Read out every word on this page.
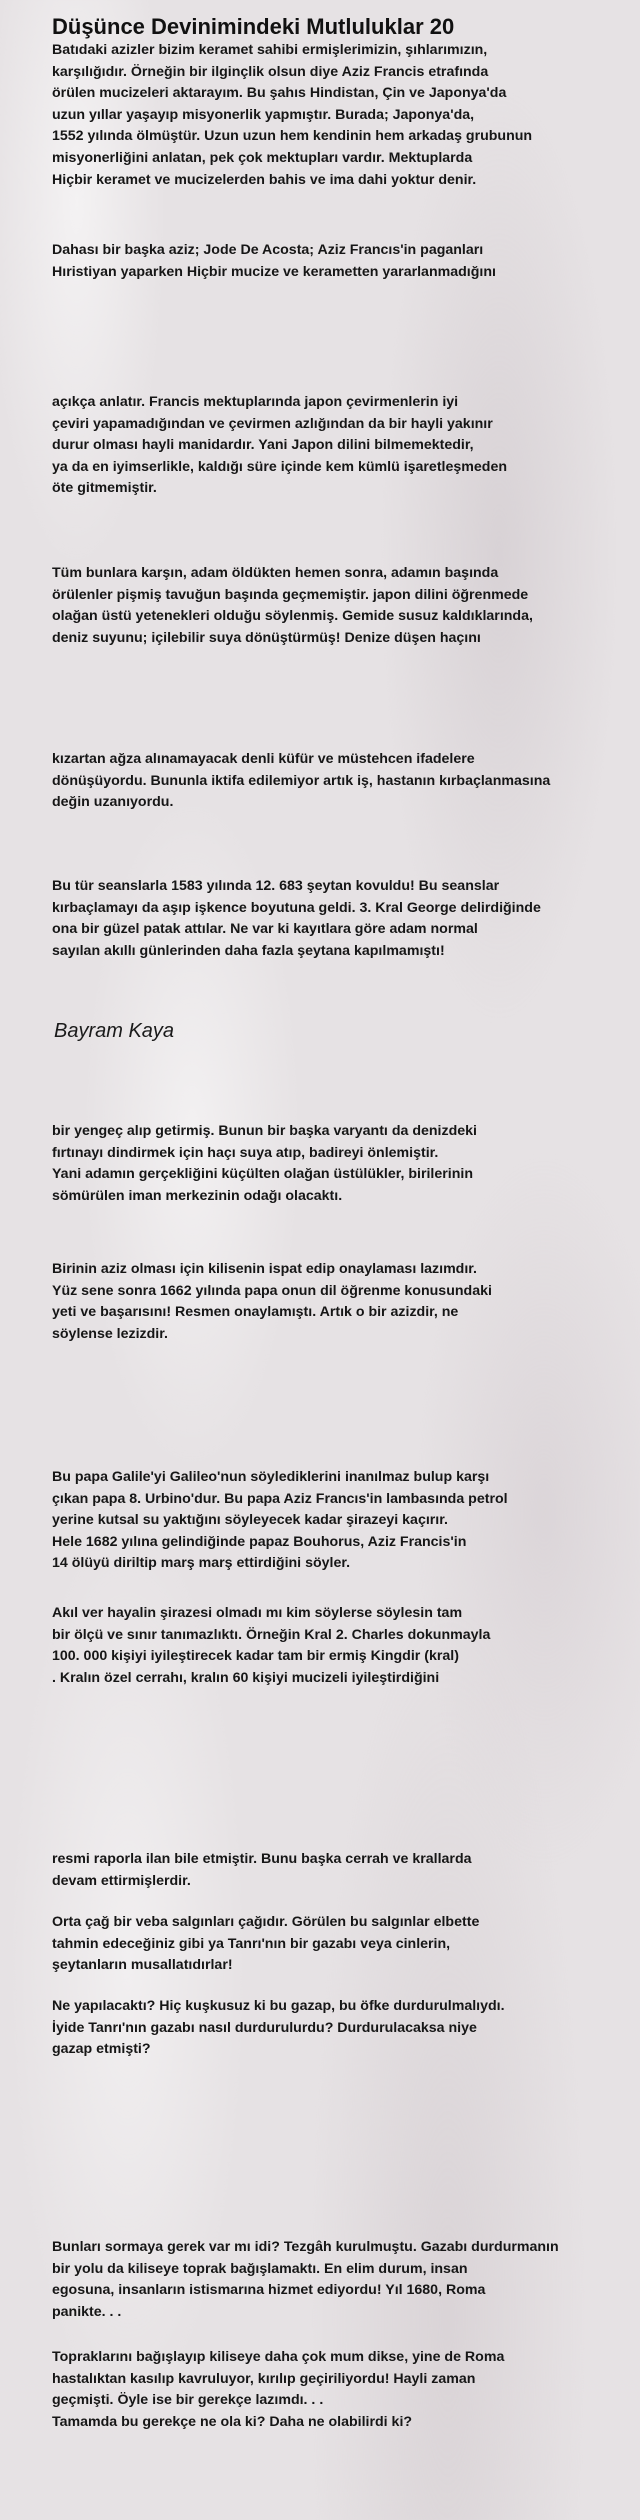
Düşünce Devinimindeki Mutluluklar 20

Batıdaki azizler bizim keramet sahibi ermişlerimizin, şıhlarımızın,
karşılığıdır. Örneğin bir ilginçlik olsun diye Aziz Francis etrafında
örülen mucizeleri aktarayım. Bu şahıs Hindistan, Çin ve Japonya'da
uzun yıllar yaşayıp misyonerlik yapmıştır. Burada; Japonya'da,
1552 yılında ölmüştür. Uzun uzun hem kendinin hem arkadaş grubunun
misyonerliğini anlatan, pek çok mektupları vardır. Mektuplarda
Hiçbir keramet ve mucizelerden bahis ve ima dahi yoktur denir.

Dahası bir başka aziz; Jode De Acosta; Aziz Francıs'in paganları
Hıristiyan yaparken Hiçbir mucize ve kerametten yararlanmadığını

açıkça anlatır. Francis mektuplarında japon çevirmenlerin iyi
çeviri yapamadığından ve çevirmen azlığından da bir hayli yakınır
durur olması hayli manidardır. Yani Japon dilini bilmemektedir,
ya da en iyimserlikle, kaldığı süre içinde kem kümlü işaretleşmeden
öte gitmemiştir.

Tüm bunlara karşın, adam öldükten hemen sonra, adamın başında
örülenler pişmiş tavuğun başında geçmemiştir. japon dilini öğrenmede
olağan üstü yetenekleri olduğu söylenmiş. Gemide susuz kaldıklarında,
deniz suyunu; içilebilir suya dönüştürmüş! Denize düşen haçını

kızartan ağza alınamayacak denli küfür ve müstehcen ifadelere
dönüşüyordu. Bununla iktifa edilemiyor artık iş, hastanın kırbaçlanmasına
değin uzanıyordu.

Bu tür seanslarla 1583 yılında 12. 683 şeytan kovuldu! Bu seanslar
kırbaçlamayı da aşıp işkence boyutuna geldi. 3. Kral George delirdiğinde
ona bir güzel patak attılar. Ne var ki kayıtlara göre adam normal
sayılan akıllı günlerinden daha fazla şeytana kapılmamıştı!

Bayram Kaya

bir yengeç alıp getirmiş. Bunun bir başka varyantı da denizdeki
fırtınayı dindirmek için haçı suya atıp, badireyi önlemiştir.
Yani adamın gerçekliğini küçülten olağan üstülükler, birilerinin
sömürülen iman merkezinin odağı olacaktı.

Birinin aziz olması için kilisenin ispat edip onaylaması lazımdır.
Yüz sene sonra 1662 yılında papa onun dil öğrenme konusundaki
yeti ve başarısını! Resmen onaylamıştı. Artık o bir azizdir, ne
söylense lezizdir.

Bu papa Galile'yi Galileo'nun söylediklerini inanılmaz bulup karşı
çıkan papa 8. Urbino'dur. Bu papa Aziz Francıs'in lambasında petrol
yerine kutsal su yaktığını söyleyecek kadar şirazeyi kaçırır.
Hele 1682 yılına gelindiğinde papaz Bouhorus, Aziz Francis'in
14 ölüyü diriltip marş marş ettirdiğini söyler.

Akıl ver hayalin şirazesi olmadı mı kim söylerse söylesin tam
bir ölçü ve sınır tanımazlıktı. Örneğin Kral 2. Charles dokunmayla
100. 000 kişiyi iyileştirecek kadar tam bir ermiş Kingdir (kral)
. Kralın özel cerrahı, kralın 60 kişiyi mucizeli iyileştirdiğini

resmi raporla ilan bile etmiştir. Bunu başka cerrah ve krallarda
devam ettirmişlerdir.

Orta çağ bir veba salgınları çağıdır. Görülen bu salgınlar elbette
tahmin edeceğiniz gibi ya Tanrı'nın bir gazabı veya cinlerin,
şeytanların musallatıdırlar!

Ne yapılacaktı? Hiç kuşkusuz ki bu gazap, bu öfke durdurulmalıydı.
İyide Tanrı'nın gazabı nasıl durdurulurdu? Durdurulacaksa niye
gazap etmişti?

Bunları sormaya gerek var mı idi? Tezgâh kurulmuştu. Gazabı durdurmanın
bir yolu da kiliseye toprak bağışlamaktı. En elim durum, insan
egosuna, insanların istismarına hizmet ediyordu! Yıl 1680, Roma
panikte. . .

Topraklarını bağışlayıp kiliseye daha çok mum dikse, yine de Roma
hastalıktan kasılıp kavruluyor, kırılıp geçiriliyordu! Hayli zaman
geçmişti. Öyle ise bir gerekçe lazımdı. . .
Tamamda bu gerekçe ne ola ki? Daha ne olabilirdi ki?
